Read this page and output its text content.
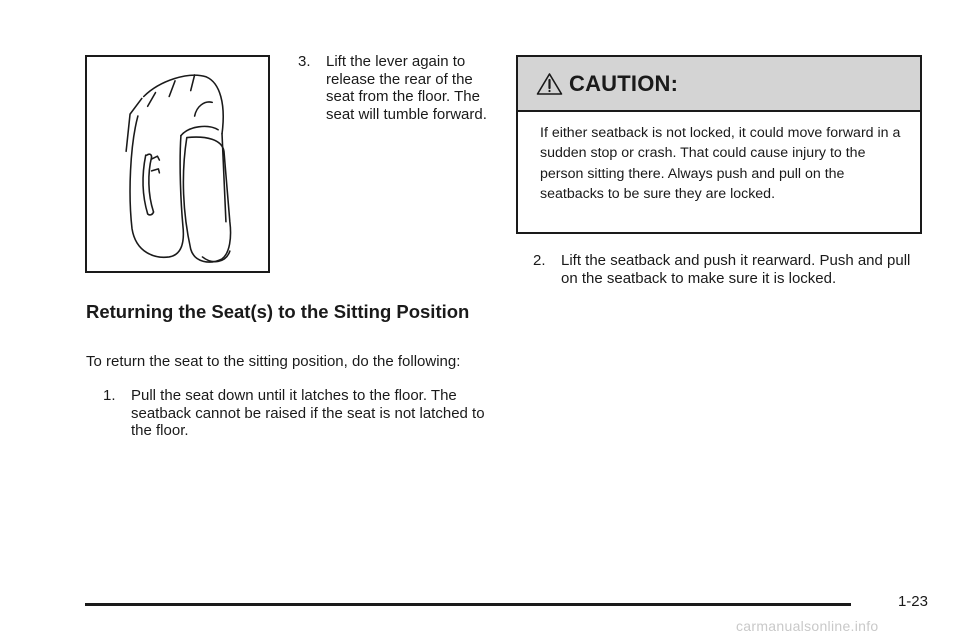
3.	Lift the lever again to release the rear of the seat from the floor. The seat will tumble forward.
Returning the Seat(s) to the Sitting Position

To return the seat to the sitting position, do the following:

1.	Pull the seat down until it latches to the floor. The seatback cannot be raised if the seat is not latched to the floor.
CAUTION:

If either seatback is not locked, it could move forward in a sudden stop or crash. That could cause injury to the person sitting there. Always push and pull on the seatbacks to be sure they are locked.

2.	Lift the seatback and push it rearward. Push and pull on the seatback to make sure it is locked.
1-23
carmanualsonline.info
